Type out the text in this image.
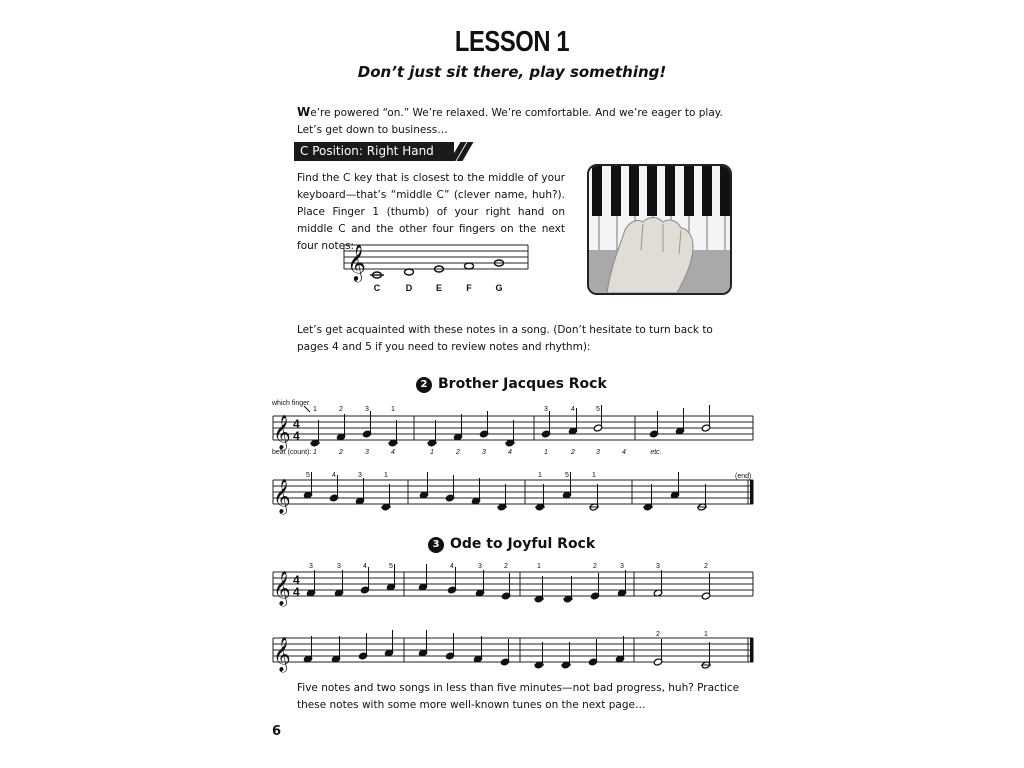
LESSON 1
Don’t just sit there, play something!
We’re powered “on.” We’re relaxed. We’re comfortable. And we’re eager to play. Let’s get down to business…
C Position: Right Hand
Find the C key that is closest to the middle of your keyboard—that’s “middle C” (clever name, huh?). Place Finger 1 (thumb) of your right hand on middle C and the other four fingers on the next four notes:
𝄞
C	D	E	F	G
Let’s get acquainted with these notes in a song. (Don’t hesitate to turn back to pages 4 and 5 if you need to review notes and rhythm):
2 Brother Jacques Rock
which finger
𝄞 4
4
1	2	3	1	3	4	5
beat (count): 1	2	3	4	1	2	3	4	1	2	3	4	etc.
𝄞
(end)
5	4	3	1	1	5	1
3 Ode to Joyful Rock
𝄞 4
4
3	3	4	5	4	3	2	1	2	3	3	2
𝄞
2	1
Five notes and two songs in less than five minutes—not bad progress, huh? Practice these notes with some more well-known tunes on the next page…
6
